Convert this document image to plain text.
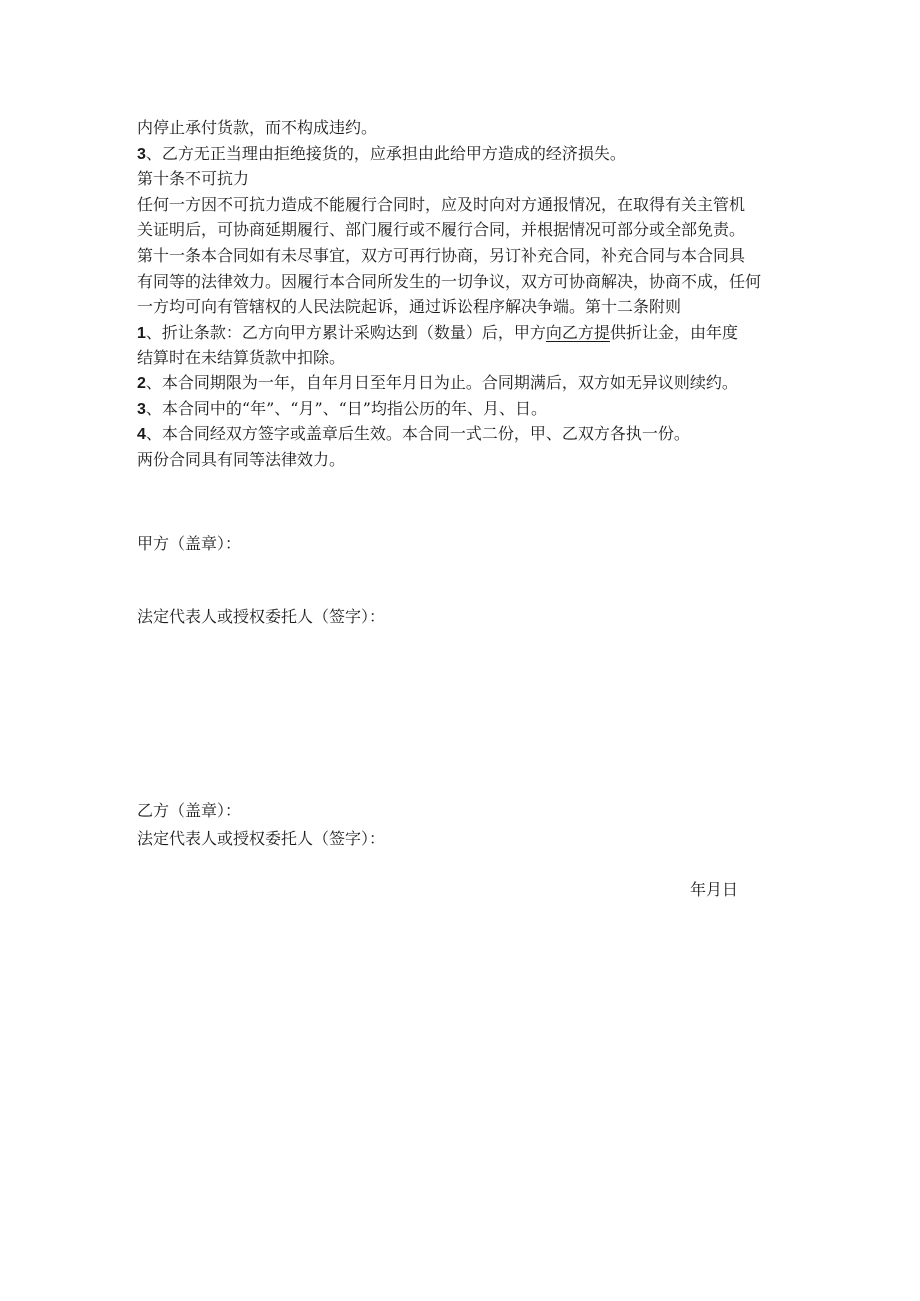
内停止承付货款，而不构成违约。
3、乙方无正当理由拒绝接货的，应承担由此给甲方造成的经济损失。
第十条不可抗力
任何一方因不可抗力造成不能履行合同时，应及时向对方通报情况，在取得有关主管机
关证明后，可协商延期履行、部门履行或不履行合同，并根据情况可部分或全部免责。
第十一条本合同如有未尽事宜，双方可再行协商，另订补充合同，补充合同与本合同具
有同等的法律效力。因履行本合同所发生的一切争议，双方可协商解决，协商不成，任何
一方均可向有管辖权的人民法院起诉，通过诉讼程序解决争端。第十二条附则
1、折让条款：乙方向甲方累计采购达到（数量）后，甲方向乙方提供折让金，由年度
结算时在未结算货款中扣除。
2、本合同期限为一年，自年月日至年月日为止。合同期满后，双方如无异议则续约。
3、本合同中的“年”、“月”、“日”均指公历的年、月、日。
4、本合同经双方签字或盖章后生效。本合同一式二份，甲、乙双方各执一份。
两份合同具有同等法律效力。
甲方（盖章）：
法定代表人或授权委托人（签字）：
乙方（盖章）：
法定代表人或授权委托人（签字）：
年月日
